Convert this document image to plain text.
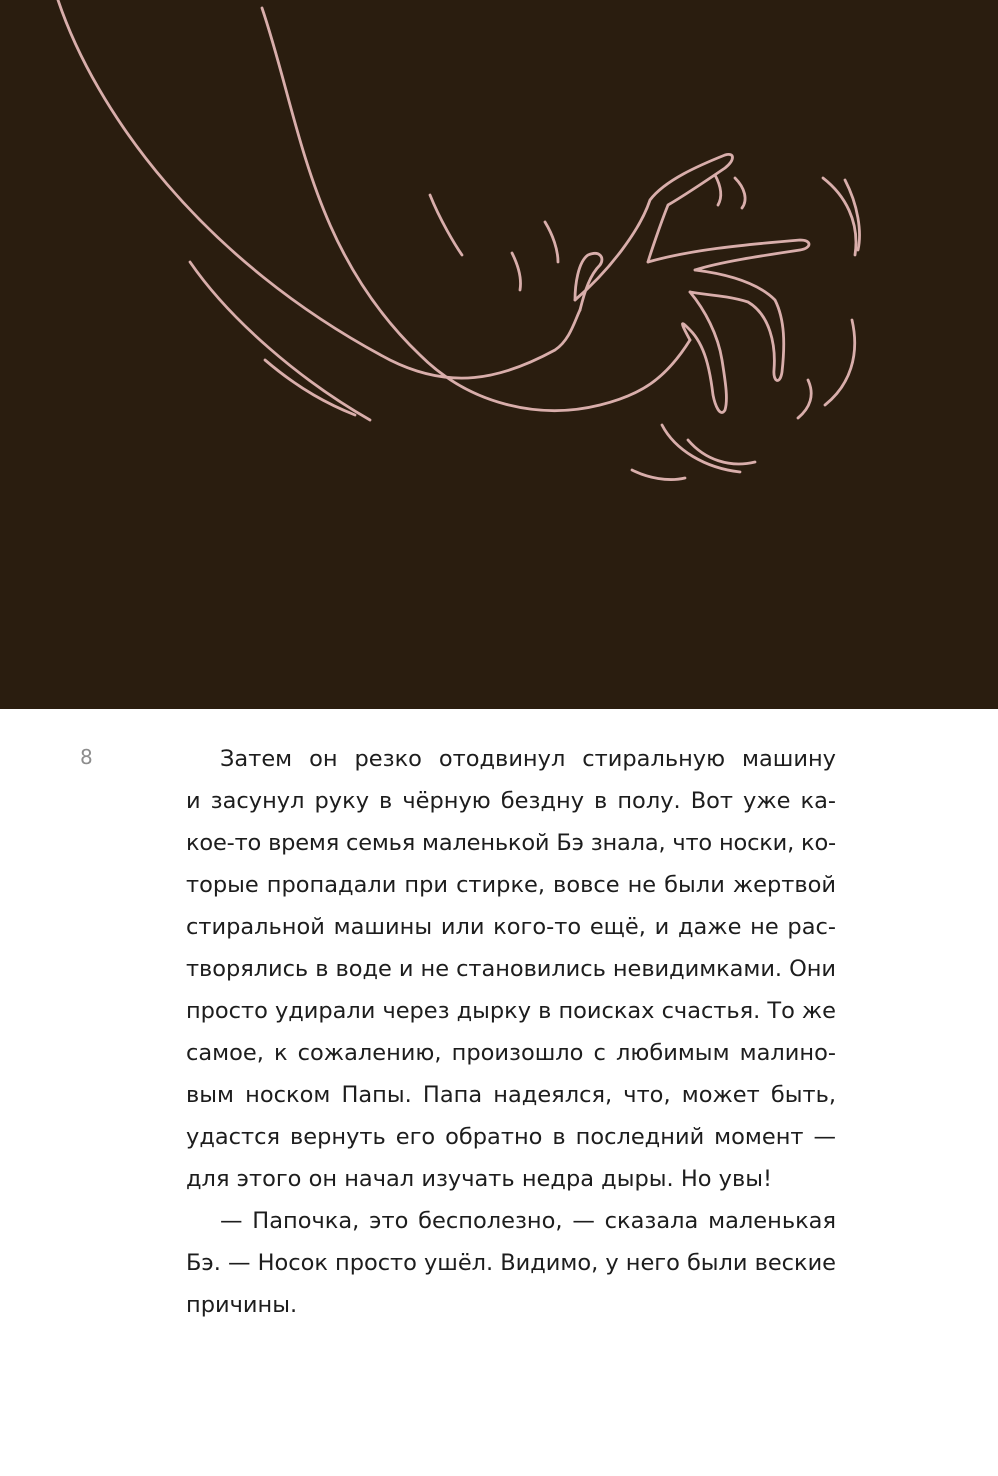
8	Затем он резко отодвинул стиральную машину
и засунул руку в чёрную бездну в полу. Вот уже ка-
кое-то время семья маленькой Бэ знала, что носки, ко-
торые пропадали при стирке, вовсе не были жертвой
стиральной машины или кого-то ещё, и даже не рас-
творялись в воде и не становились невидимками. Они
просто удирали через дырку в поисках счастья. То же
самое, к сожалению, произошло с любимым малино-
вым носком Папы. Папа надеялся, что, может быть,
удастся вернуть его обратно в последний момент —
для этого он начал изучать недра дыры. Но увы!
— Папочка, это бесполезно, — сказала маленькая
Бэ. — Носок просто ушёл. Видимо, у него были веские
причины.
